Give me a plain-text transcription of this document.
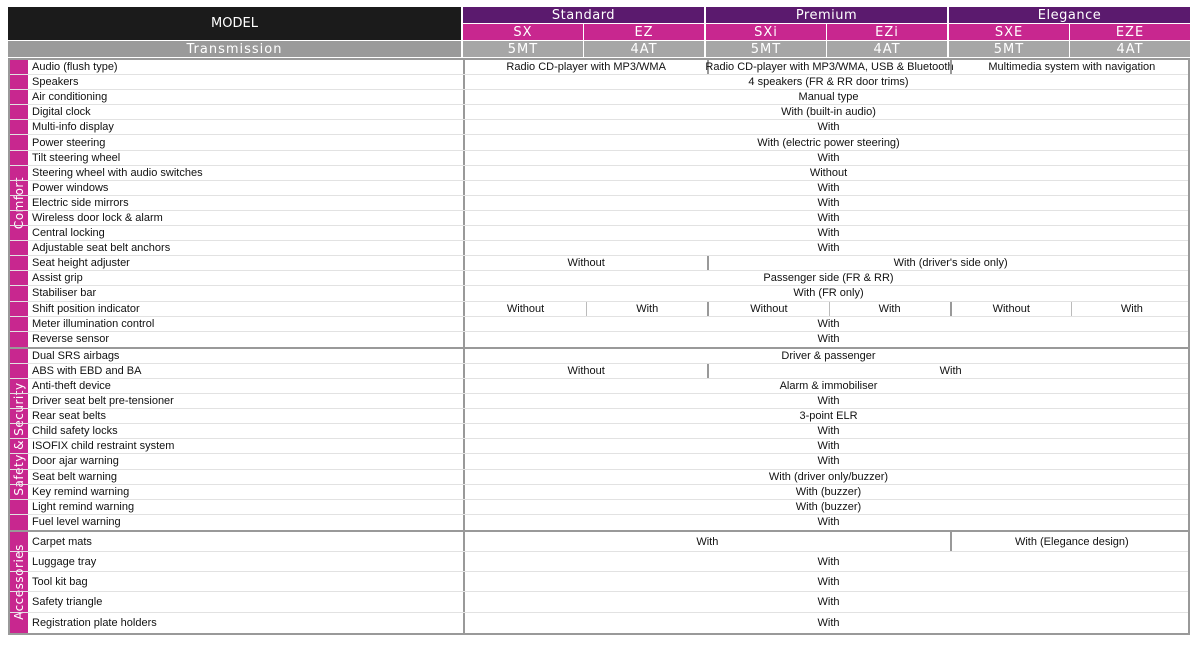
MODEL
Transmission
Standard	Premium	Elegance
SX	EZ	SXi	EZi	SXE	EZE
5MT	4AT	5MT	4AT	5MT	4AT
Comfort
Audio (flush type)	Radio CD-player with MP3/WMA	Radio CD-player with MP3/WMA, USB & Bluetooth	Multimedia system with navigation
Speakers	4 speakers (FR & RR door trims)
Air conditioning	Manual type
Digital clock	With (built-in audio)
Multi-info display	With
Power steering	With (electric power steering)
Tilt steering wheel	With
Steering wheel with audio switches	Without
Power windows	With
Electric side mirrors	With
Wireless door lock & alarm	With
Central locking	With
Adjustable seat belt anchors	With
Seat height adjuster	Without	With (driver's side only)
Assist grip	Passenger side (FR & RR)
Stabiliser bar	With (FR only)
Shift position indicator	Without	With	Without	With	Without	With
Meter illumination control	With
Reverse sensor	With
Safety & Security
Dual SRS airbags	Driver & passenger
ABS with EBD and BA	Without	With
Anti-theft device	Alarm & immobiliser
Driver seat belt pre-tensioner	With
Rear seat belts	3-point ELR
Child safety locks	With
ISOFIX child restraint system	With
Door ajar warning	With
Seat belt warning	With (driver only/buzzer)
Key remind warning	With (buzzer)
Light remind warning	With (buzzer)
Fuel level warning	With
Accessories
Carpet mats	With	With (Elegance design)
Luggage tray	With
Tool kit bag	With
Safety triangle	With
Registration plate holders	With
